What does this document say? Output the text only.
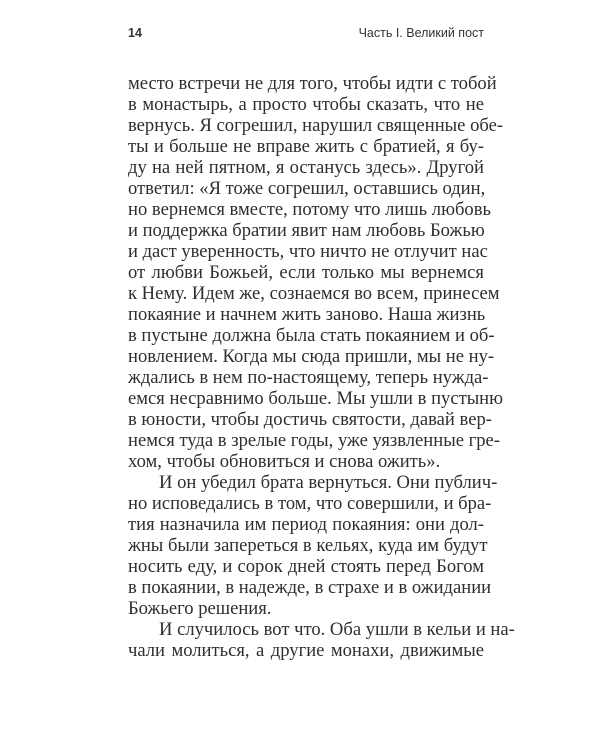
14	Часть I. Великий пост
место встречи не для того, чтобы идти с тобой
в монастырь, а просто чтобы сказать, что не
вернусь. Я согрешил, нарушил священные обе-
ты и больше не вправе жить с братией, я бу-
ду на ней пятном, я останусь здесь». Другой
ответил: «Я тоже согрешил, оставшись один,
но вернемся вместе, потому что лишь любовь
и поддержка братии явит нам любовь Божью
и даст уверенность, что ничто не отлучит нас
от любви Божьей, если только мы вернемся
к Нему. Идем же, сознаемся во всем, принесем
покаяние и начнем жить заново. Наша жизнь
в пустыне должна была стать покаянием и об-
новлением. Когда мы сюда пришли, мы не ну-
ждались в нем по-настоящему, теперь нужда-
емся несравнимо больше. Мы ушли в пустыню
в юности, чтобы достичь святости, давай вер-
немся туда в зрелые годы, уже уязвленные гре-
хом, чтобы обновиться и снова ожить».
И он убедил брата вернуться. Они публич-
но исповедались в том, что совершили, и бра-
тия назначила им период покаяния: они дол-
жны были запереться в кельях, куда им будут
носить еду, и сорок дней стоять перед Богом
в покаянии, в надежде, в страхе и в ожидании
Божьего решения.
И случилось вот что. Оба ушли в кельи и на-
чали молиться, а другие монахи, движимые
